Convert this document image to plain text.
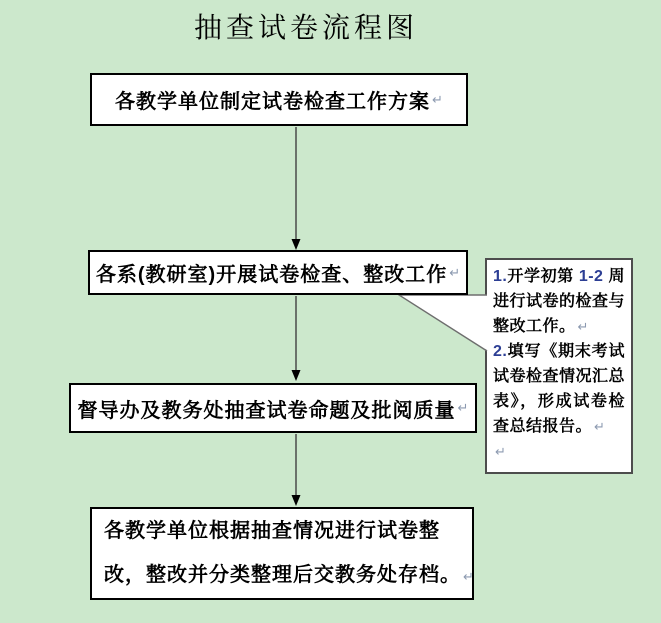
抽查试卷流程图

1.开学初第 1-2 周进行试卷的检查与整改工作。 ↵

2.填写《期末考试试卷检查情况汇总表》，形成试卷检查总结报告。 ↵

↵

各教学单位制定试卷检查工作方案 ↵
各系(教研室)开展试卷检查、整改工作 ↵
督导办及教务处抽查试卷命题及批阅质量 ↵
各教学单位根据抽查情况进行试卷整
改，整改并分类整理后交教务处存档。 ↵
